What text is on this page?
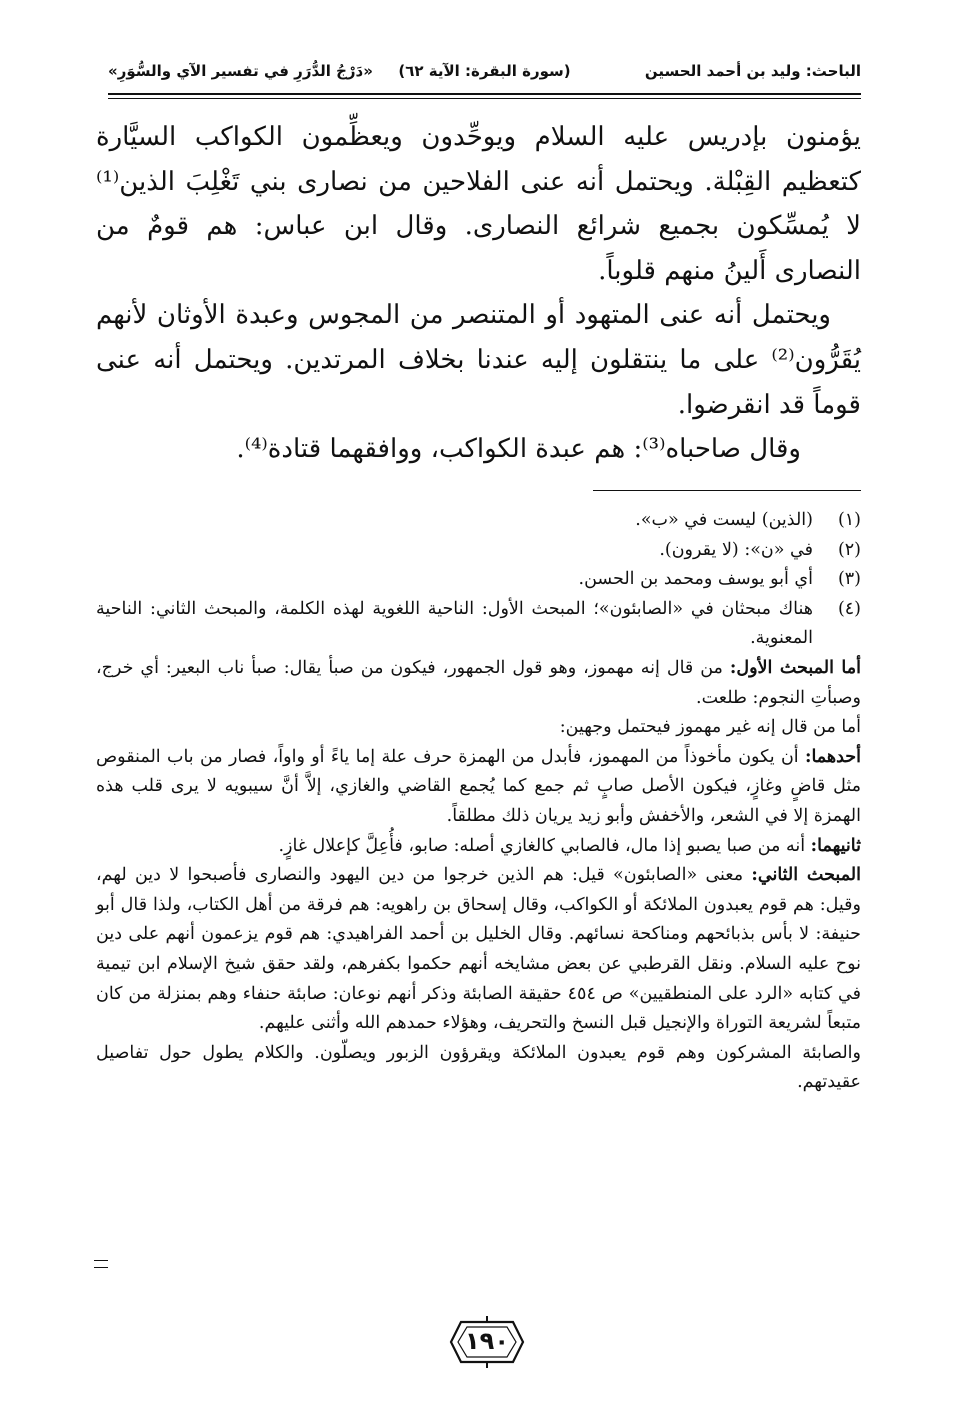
الباحث: وليد بن أحمد الحسين
(سورة البقرة: الآية ٦٢)
«دَرْجُ الدُّرَرِ في تفسير الآي والسُّوَرِ»

يؤمنون بإدريس عليه السلام ويوحِّدون ويعظِّمون الكواكب السيَّارة كتعظيم القِبْلة. ويحتمل أنه عنى الفلاحين من نصارى بني تَغْلِبَ الذين⁽¹⁾ لا يُمسِّكون بجميع شرائع النصارى. وقال ابن عباس: هم قومٌ من النصارى أَلينُ منهم قلوباً.

ويحتمل أنه عنى المتهود أو المتنصر من المجوس وعبدة الأوثان لأنهم يُقَرُّون⁽²⁾ على ما ينتقلون إليه عندنا بخلاف المرتدين. ويحتمل أنه عنى قوماً قد انقرضوا.

وقال صاحباه⁽³⁾: هم عبدة الكواكب، ووافقهما قتادة⁽⁴⁾.

(١)
(الذين) ليست في «ب».
(٢)
في «ن»: (لا يقرون).
(٣)
أي أبو يوسف ومحمد بن الحسن.
(٤)
هناك مبحثان في «الصابئون»؛ المبحث الأول: الناحية اللغوية لهذه الكلمة، والمبحث الثاني: الناحية المعنوية.

أما المبحث الأول: من قال إنه مهموز، وهو قول الجمهور، فيكون من صبأ يقال: صبأ ناب البعير: أي خرج، وصبأتِ النجوم: طلعت.

أما من قال إنه غير مهموز فيحتمل وجهين:

أحدهما: أن يكون مأخوذاً من المهموز، فأبدل من الهمزة حرف علة إما ياءً أو واواً، فصار من باب المنقوص مثل قاضٍ وغازٍ، فيكون الأصل صابٍ ثم جمع كما يُجمع القاضي والغازي، إلاَّ أنَّ سيبويه لا يرى قلب هذه الهمزة إلا في الشعر، والأخفش وأبو زيد يريان ذلك مطلقاً.

ثانيهما: أنه من صبا يصبو إذا مال، فالصابي كالغازي أصله: صابو، فأُعِلَّ كإعلال غازٍ.

المبحث الثاني: معنى «الصابئون» قيل: هم الذين خرجوا من دين اليهود والنصارى فأصبحوا لا دين لهم، وقيل: هم قوم يعبدون الملائكة أو الكواكب، وقال إسحاق بن راهويه: هم فرقة من أهل الكتاب، ولذا قال أبو حنيفة: لا بأس بذبائحهم ومناكحة نسائهم. وقال الخليل بن أحمد الفراهيدي: هم قوم يزعمون أنهم على دين نوح عليه السلام. ونقل القرطبي عن بعض مشايخه أنهم حكموا بكفرهم، ولقد حقق شيخ الإسلام ابن تيمية في كتابه «الرد على المنطقيين» ص ٤٥٤ حقيقة الصابئة وذكر أنهم نوعان: صابئة حنفاء وهم بمنزلة من كان متبعاً لشريعة التوراة والإنجيل قبل النسخ والتحريف، وهؤلاء حمدهم الله وأثنى عليهم.

والصابئة المشركون وهم قوم يعبدون الملائكة ويقرؤون الزبور ويصلّون. والكلام يطول حول تفاصيل عقيدتهم.

١٩٠
